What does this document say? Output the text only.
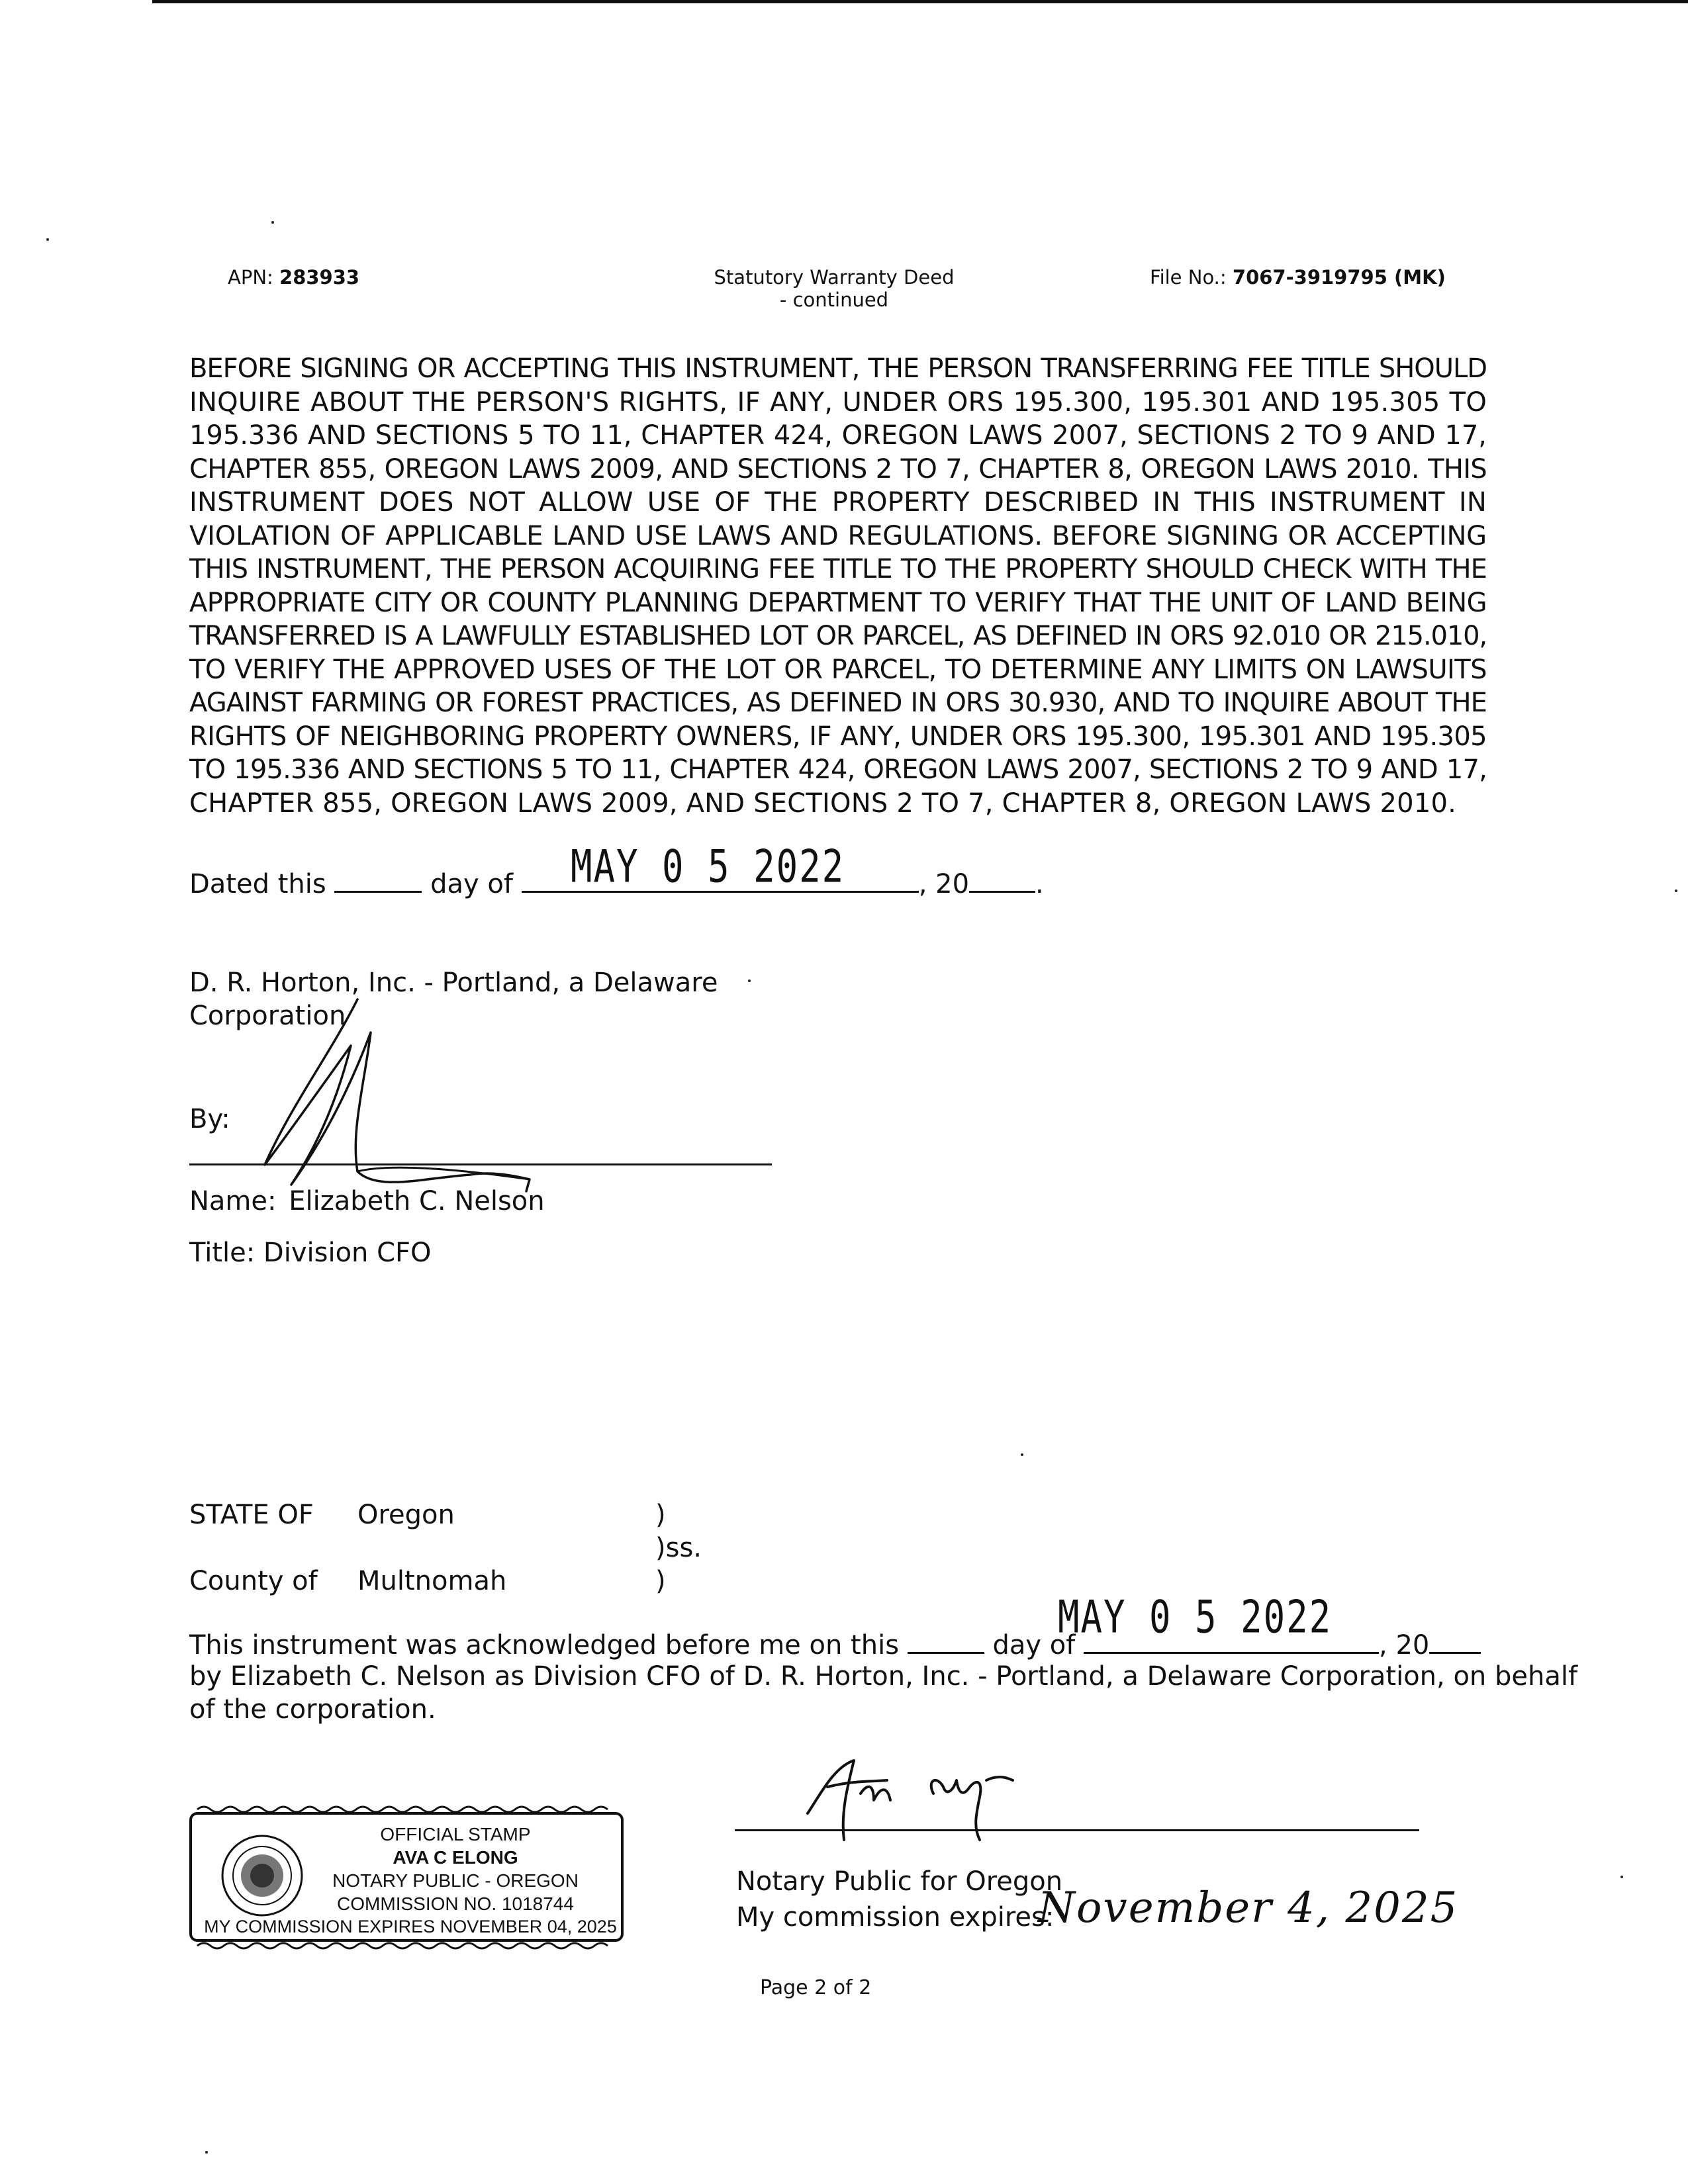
APN: 283933	Statutory Warranty Deed
- continued
File No.: 7067-3919795 (MK)
BEFORE SIGNING OR ACCEPTING THIS INSTRUMENT, THE PERSON TRANSFERRING FEE TITLE SHOULD
INQUIRE ABOUT THE PERSON'S RIGHTS, IF ANY, UNDER ORS 195.300, 195.301 AND 195.305 TO
195.336 AND SECTIONS 5 TO 11, CHAPTER 424, OREGON LAWS 2007, SECTIONS 2 TO 9 AND 17,
CHAPTER 855, OREGON LAWS 2009, AND SECTIONS 2 TO 7, CHAPTER 8, OREGON LAWS 2010. THIS
INSTRUMENT DOES NOT ALLOW USE OF THE PROPERTY DESCRIBED IN THIS INSTRUMENT IN
VIOLATION OF APPLICABLE LAND USE LAWS AND REGULATIONS. BEFORE SIGNING OR ACCEPTING
THIS INSTRUMENT, THE PERSON ACQUIRING FEE TITLE TO THE PROPERTY SHOULD CHECK WITH THE
APPROPRIATE CITY OR COUNTY PLANNING DEPARTMENT TO VERIFY THAT THE UNIT OF LAND BEING
TRANSFERRED IS A LAWFULLY ESTABLISHED LOT OR PARCEL, AS DEFINED IN ORS 92.010 OR 215.010,
TO VERIFY THE APPROVED USES OF THE LOT OR PARCEL, TO DETERMINE ANY LIMITS ON LAWSUITS
AGAINST FARMING OR FOREST PRACTICES, AS DEFINED IN ORS 30.930, AND TO INQUIRE ABOUT THE
RIGHTS OF NEIGHBORING PROPERTY OWNERS, IF ANY, UNDER ORS 195.300, 195.301 AND 195.305
TO 195.336 AND SECTIONS 5 TO 11, CHAPTER 424, OREGON LAWS 2007, SECTIONS 2 TO 9 AND 17,
CHAPTER 855, OREGON LAWS 2009, AND SECTIONS 2 TO 7, CHAPTER 8, OREGON LAWS 2010.
Dated this	day of	, 20	.
MAY 0 5 2022
D. R. Horton, Inc. - Portland, a Delaware
Corporation
By:
Name: Elizabeth C. Nelson
Title: Division CFO
STATE OF Oregon	)
)ss.
County of Multnomah	)
MAY 0 5 2022
This instrument was acknowledged before me on this	day of	, 20
by Elizabeth C. Nelson as Division CFO of D. R. Horton, Inc. - Portland, a Delaware Corporation, on behalf
of the corporation.
OFFICIAL STAMP
AVA C ELONG
NOTARY PUBLIC - OREGON
COMMISSION NO. 1018744
MY COMMISSION EXPIRES NOVEMBER 04, 2025
Notary Public for Oregon
My commission expires:
November 4, 2025
Page 2 of 2
